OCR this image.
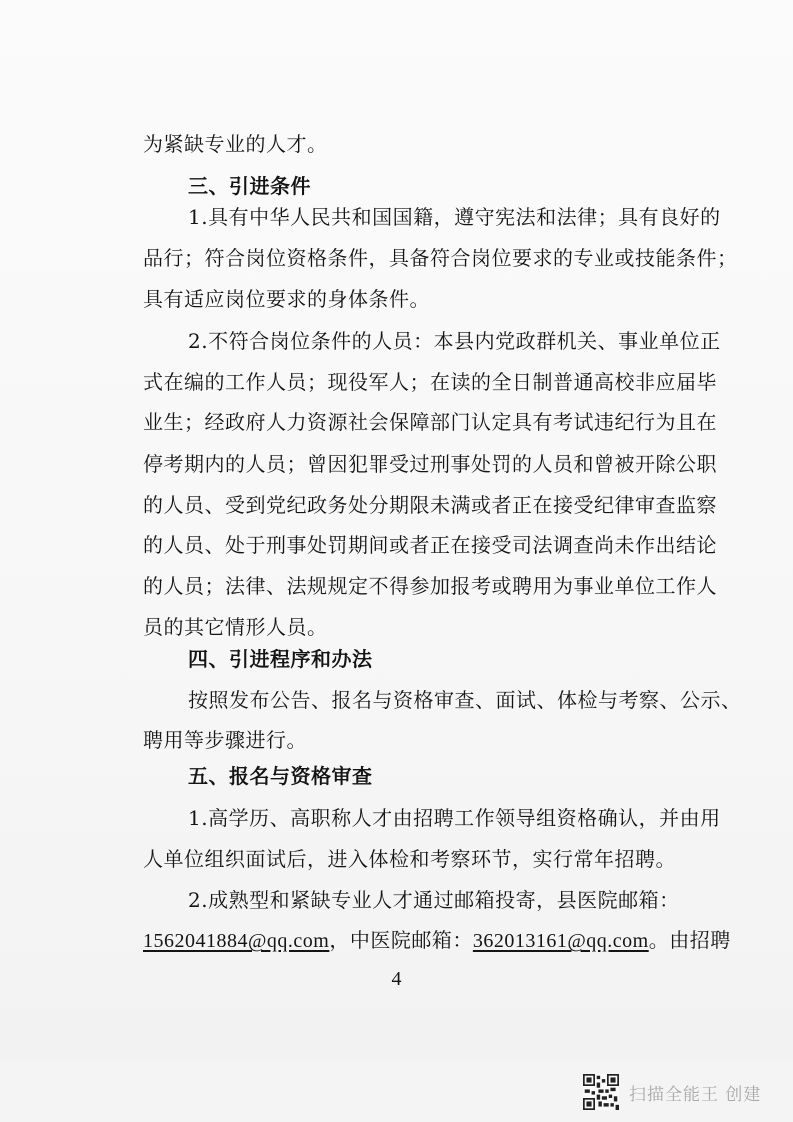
为紧缺专业的人才。
三、引进条件
1.具有中华人民共和国国籍，遵守宪法和法律；具有良好的
品行；符合岗位资格条件，具备符合岗位要求的专业或技能条件；
具有适应岗位要求的身体条件。
2.不符合岗位条件的人员：本县内党政群机关、事业单位正
式在编的工作人员；现役军人；在读的全日制普通高校非应届毕
业生；经政府人力资源社会保障部门认定具有考试违纪行为且在
停考期内的人员；曾因犯罪受过刑事处罚的人员和曾被开除公职
的人员、受到党纪政务处分期限未满或者正在接受纪律审查监察
的人员、处于刑事处罚期间或者正在接受司法调查尚未作出结论
的人员；法律、法规规定不得参加报考或聘用为事业单位工作人
员的其它情形人员。
四、引进程序和办法
按照发布公告、报名与资格审查、面试、体检与考察、公示、
聘用等步骤进行。
五、报名与资格审查
1.高学历、高职称人才由招聘工作领导组资格确认，并由用
人单位组织面试后，进入体检和考察环节，实行常年招聘。
2.成熟型和紧缺专业人才通过邮箱投寄，县医院邮箱：
1562041884@qq.com，中医院邮箱：362013161@qq.com。由招聘
4
扫描全能王 创建
